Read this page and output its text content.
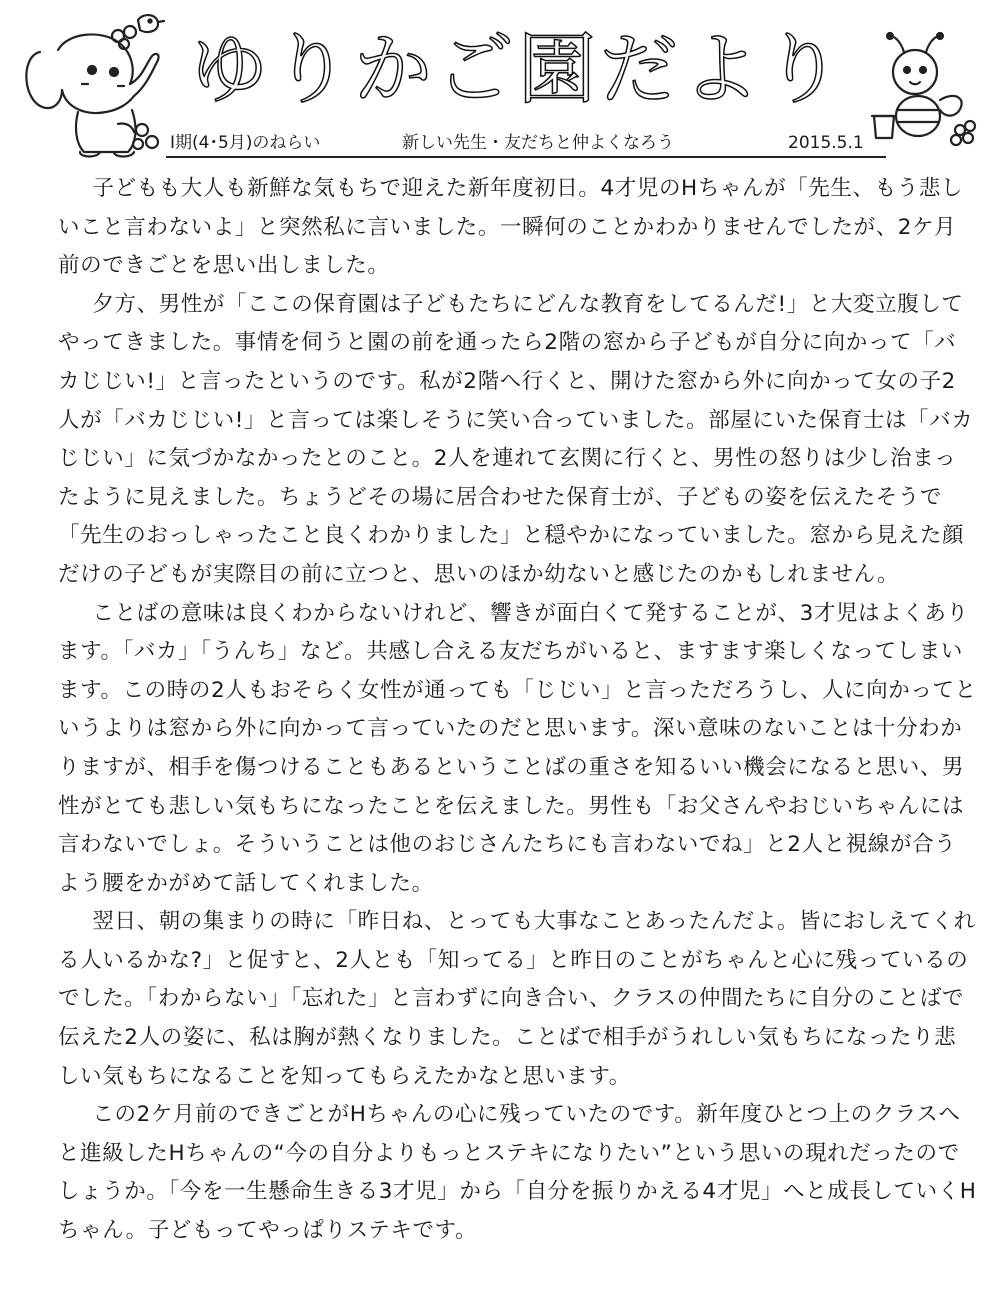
ゆりかご園だより
Ⅰ期(4･5月)のねらい	新しい先生・友だちと仲よくなろう	2015.5.1

子どもも大人も新鮮な気もちで迎えた新年度初日。4才児のHちゃんが「先生、もう悲しいこと言わないよ」と突然私に言いました。一瞬何のことかわかりませんでしたが、2ケ月前のできごとを思い出しました。

夕方、男性が「ここの保育園は子どもたちにどんな教育をしてるんだ!」と大変立腹してやってきました。事情を伺うと園の前を通ったら2階の窓から子どもが自分に向かって「バカじじい!」と言ったというのです。私が2階へ行くと、開けた窓から外に向かって女の子2人が「バカじじい!」と言っては楽しそうに笑い合っていました。部屋にいた保育士は「バカじじい」に気づかなかったとのこと。2人を連れて玄関に行くと、男性の怒りは少し治まったように見えました。ちょうどその場に居合わせた保育士が、子どもの姿を伝えたそうで「先生のおっしゃったこと良くわかりました」と穏やかになっていました。窓から見えた顔だけの子どもが実際目の前に立つと、思いのほか幼ないと感じたのかもしれません。

ことばの意味は良くわからないけれど、響きが面白くて発することが、3才児はよくあります。「バカ」「うんち」など。共感し合える友だちがいると、ますます楽しくなってしまいます。この時の2人もおそらく女性が通っても「じじい」と言っただろうし、人に向かってというよりは窓から外に向かって言っていたのだと思います。深い意味のないことは十分わかりますが、相手を傷つけることもあるということばの重さを知るいい機会になると思い、男性がとても悲しい気もちになったことを伝えました。男性も「お父さんやおじいちゃんには言わないでしょ。そういうことは他のおじさんたちにも言わないでね」と2人と視線が合うよう腰をかがめて話してくれました。

翌日、朝の集まりの時に「昨日ね、とっても大事なことあったんだよ。皆におしえてくれる人いるかな?」と促すと、2人とも「知ってる」と昨日のことがちゃんと心に残っているのでした。「わからない」「忘れた」と言わずに向き合い、クラスの仲間たちに自分のことばで伝えた2人の姿に、私は胸が熱くなりました。ことばで相手がうれしい気もちになったり悲しい気もちになることを知ってもらえたかなと思います。

この2ケ月前のできごとがHちゃんの心に残っていたのです。新年度ひとつ上のクラスへと進級したHちゃんの“今の自分よりもっとステキになりたい”という思いの現れだったのでしょうか。「今を一生懸命生きる3才児」から「自分を振りかえる4才児」へと成長していくHちゃん。子どもってやっぱりステキです。
